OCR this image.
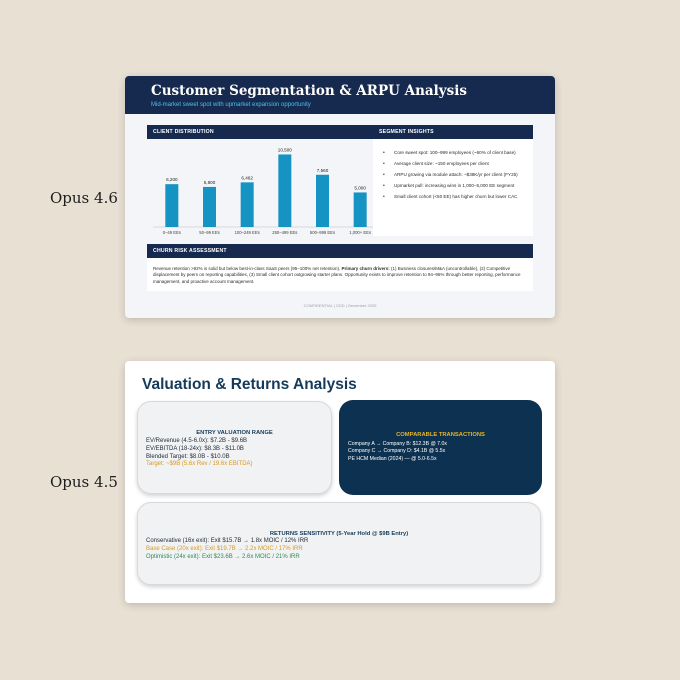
Opus 4.6
Opus 4.5
Customer Segmentation & ARPU Analysis
Mid-market sweet spot with upmarket expansion opportunity
CLIENT DISTRIBUTION
6,200
0–49 EEs
5,800
50–99 EEs
6,462
100–249 EEs
10,500
250–499 EEs
7,560
500–999 EEs
5,000
1,000+ EEs
SEGMENT INSIGHTS
• Core sweet spot: 100–999 employees (~60% of client base)
• Average client size: ~150 employees per client
• ARPU growing via module attach: ~$38K/yr per client (FY25)
• Upmarket pull: increasing wins in 1,000–5,000 EE segment
• Small client cohort (<50 EE) has higher churn but lower CAC
CHURN RISK ASSESSMENT
Revenue retention >92% is solid but below best-in-class SaaS peers (95–100% net retention). Primary churn drivers: (1) Business closures/M&A (uncontrollable), (2) Competitive displacement by peers on reporting capabilities, (3) Small client cohort outgrowing starter plans. Opportunity exists to improve retention to 94–95% through better reporting, performance management, and proactive account management.
CONFIDENTIAL | CDD | December 2025
Valuation & Returns Analysis
ENTRY VALUATION RANGE
EV/Revenue (4.5-6.0x): $7.2B - $9.6B
EV/EBITDA (18-24x): $8.3B - $11.0B
Blended Target: $8.0B - $10.0B
Target: ~$9B (5.6x Rev / 19.6x EBITDA)
COMPARABLE TRANSACTIONS
Company A → Company B: $12.3B @ 7.0x
Company C → Company D: $4.1B @ 5.5x
PE HCM Median (2024) — @ 5.0-6.5x
RETURNS SENSITIVITY (5-Year Hold @ $9B Entry)
Conservative (16x exit): Exit $15.7B → 1.8x MOIC / 12% IRR
Base Case (20x exit): Exit $19.7B → 2.2x MOIC / 17% IRR
Optimistic (24x exit): Exit $23.6B → 2.6x MOIC / 21% IRR
